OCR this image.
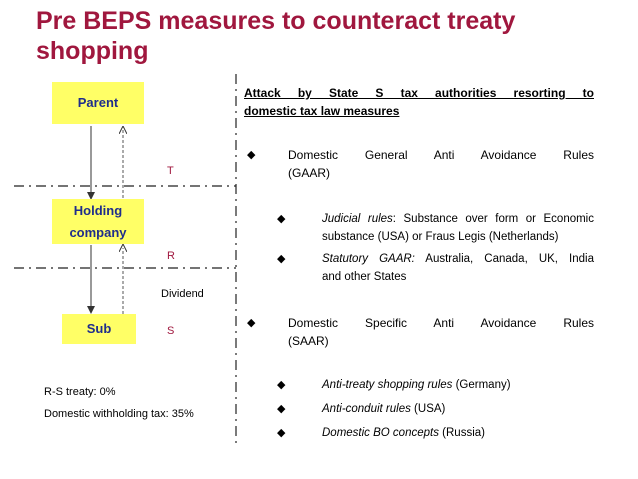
Pre BEPS measures to counteract treaty shopping
Parent
Holding
company
Sub
T
R
S
Dividend
R-S treaty: 0%
Domestic withholding tax: 35%
Attack by State S tax authorities resorting to
domestic tax law measures
◆	Domestic General Anti Avoidance Rules
(GAAR)
◆	Judicial rules: Substance over form or Economic
substance (USA) or Fraus Legis (Netherlands)
◆	Statutory GAAR: Australia, Canada, UK, India
and other States
◆	Domestic Specific Anti Avoidance Rules
(SAAR)
◆	Anti-treaty shopping rules (Germany)
◆	Anti-conduit rules (USA)
◆	Domestic BO concepts (Russia)
